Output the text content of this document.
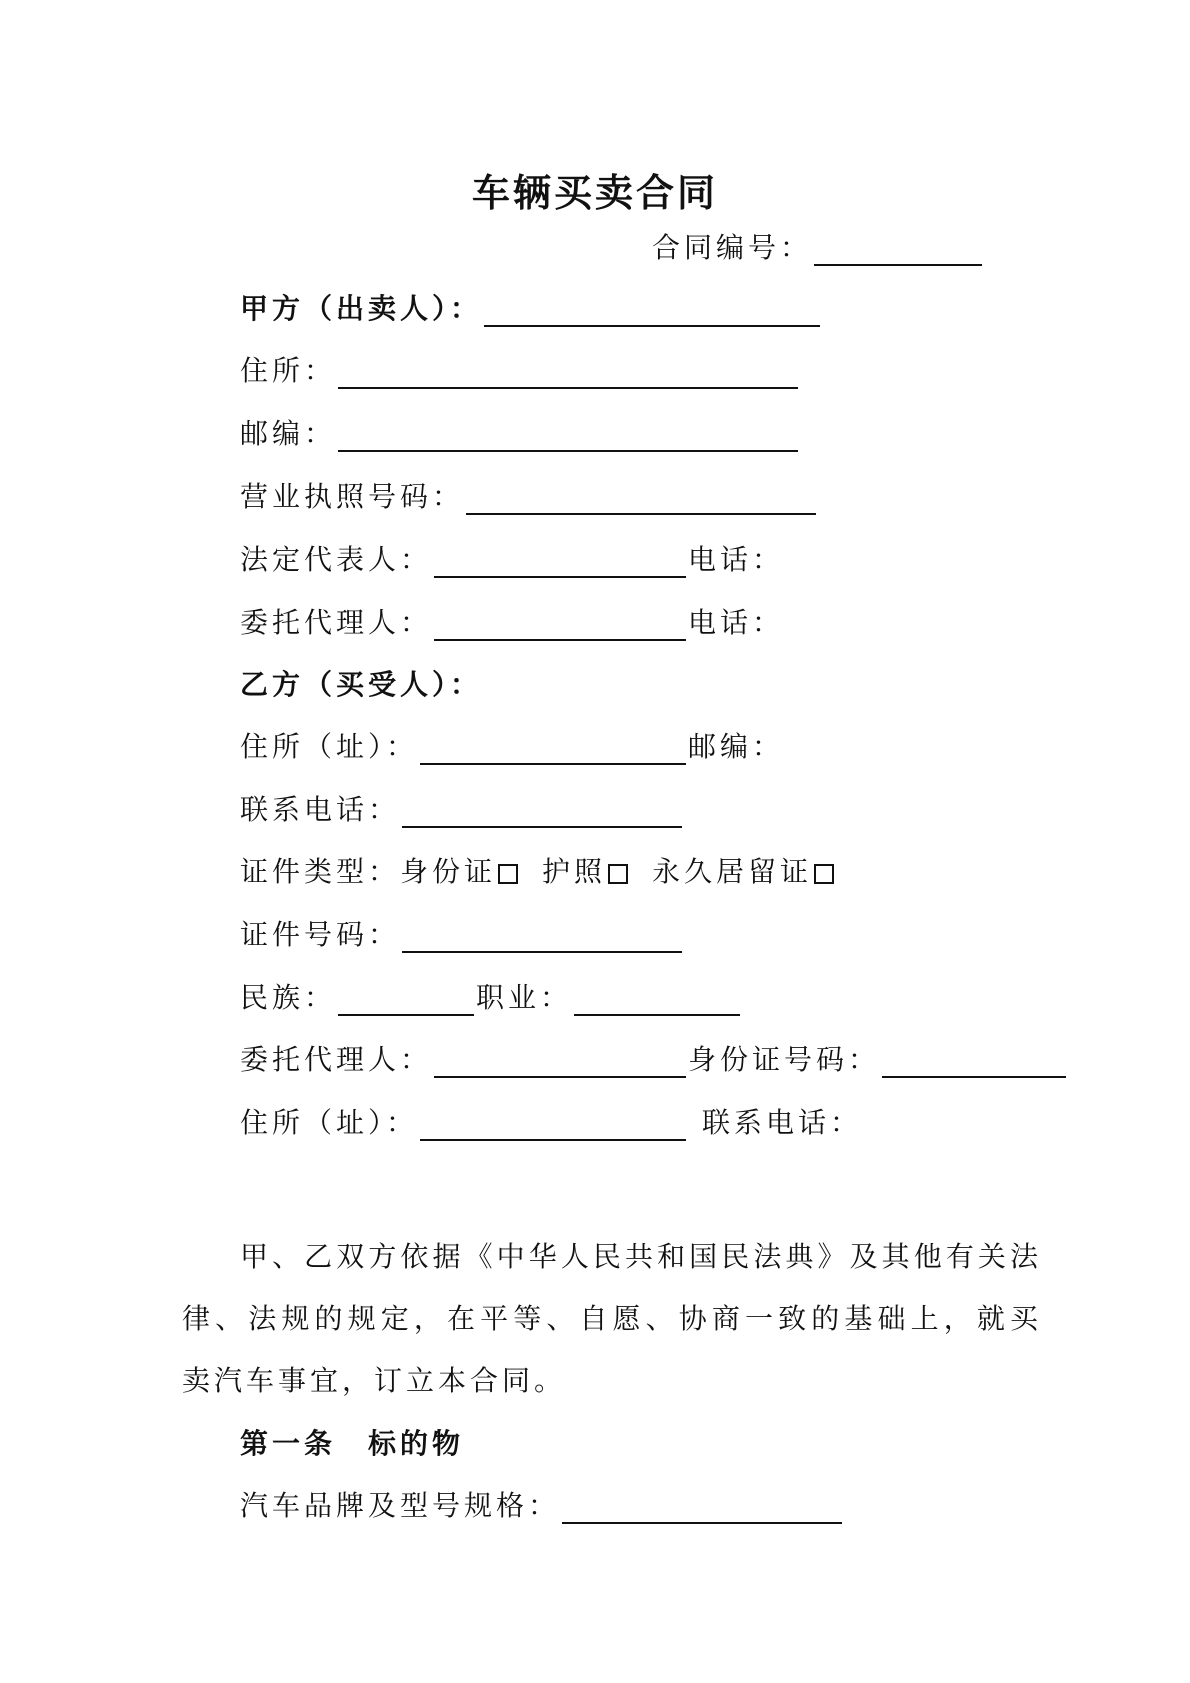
车辆买卖合同
合同编号：
甲方（出卖人）：
住所：
邮编：
营业执照号码：
法定代表人：	电话：
委托代理人：	电话：
乙方（买受人）：
住所（址）：	邮编：
联系电话：
证件类型： 身份证 护照 永久居留证
证件号码：
民族：	职业：
委托代理人：	身份证号码：
住所（址）：	联系电话：
甲、乙双方依据《中华人民共和国民法典》及其他有关法律、法规的规定，在平等、自愿、协商一致的基础上，就买卖汽车事宜，订立本合同。
第一条　标的物
汽车品牌及型号规格：
